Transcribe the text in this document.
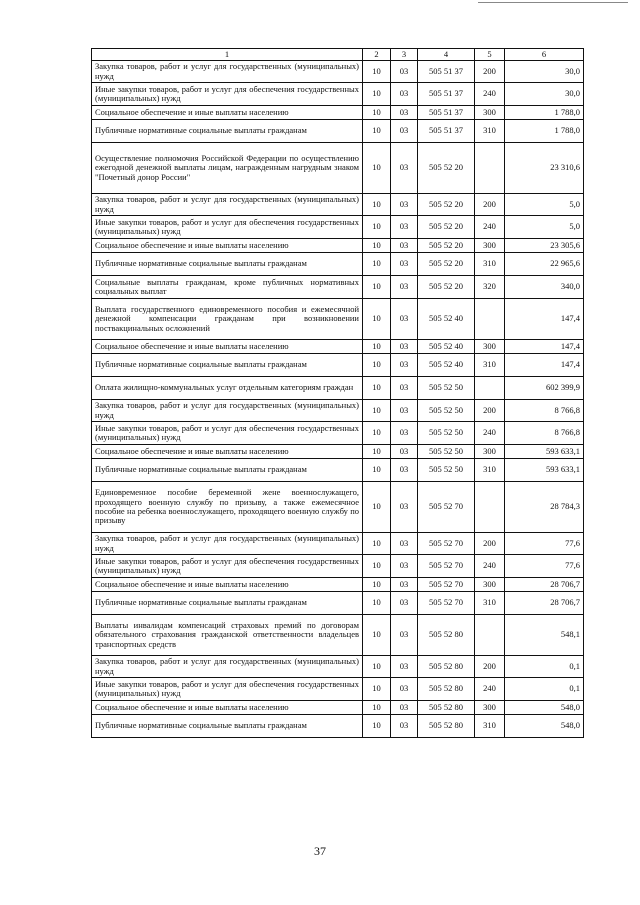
1	2	3	4	5	6
Закупка товаров, работ и услуг для государственных (муниципальных) нужд	10	03	505 51 37	200	30,0
Иные закупки товаров, работ и услуг для обеспечения государственных (муниципальных) нужд	10	03	505 51 37	240	30,0
Социальное обеспечение и иные выплаты населению	10	03	505 51 37	300	1 788,0
Публичные нормативные социальные выплаты гражданам	10	03	505 51 37	310	1 788,0
Осуществление полномочия Российской Федерации по осуществлению ежегодной денежной выплаты лицам, награжденным нагрудным знаком "Почетный донор России"	10	03	505 52 20		23 310,6
Закупка товаров, работ и услуг для государственных (муниципальных) нужд	10	03	505 52 20	200	5,0
Иные закупки товаров, работ и услуг для обеспечения государственных (муниципальных) нужд	10	03	505 52 20	240	5,0
Социальное обеспечение и иные выплаты населению	10	03	505 52 20	300	23 305,6
Публичные нормативные социальные выплаты гражданам	10	03	505 52 20	310	22 965,6
Социальные выплаты гражданам, кроме публичных нормативных социальных выплат	10	03	505 52 20	320	340,0
Выплата государственного единовременного пособия и ежемесячной денежной компенсации гражданам при возникновении поствакцинальных осложнений	10	03	505 52 40		147,4
Социальное обеспечение и иные выплаты населению	10	03	505 52 40	300	147,4
Публичные нормативные социальные выплаты гражданам	10	03	505 52 40	310	147,4
Оплата жилищно-коммунальных услуг отдельным категориям граждан	10	03	505 52 50		602 399,9
Закупка товаров, работ и услуг для государственных (муниципальных) нужд	10	03	505 52 50	200	8 766,8
Иные закупки товаров, работ и услуг для обеспечения государственных (муниципальных) нужд	10	03	505 52 50	240	8 766,8
Социальное обеспечение и иные выплаты населению	10	03	505 52 50	300	593 633,1
Публичные нормативные социальные выплаты гражданам	10	03	505 52 50	310	593 633,1
Единовременное пособие беременной жене военнослужащего, проходящего военную службу по призыву, а также ежемесячное пособие на ребенка военнослужащего, проходящего военную службу по призыву	10	03	505 52 70		28 784,3
Закупка товаров, работ и услуг для государственных (муниципальных) нужд	10	03	505 52 70	200	77,6
Иные закупки товаров, работ и услуг для обеспечения государственных (муниципальных) нужд	10	03	505 52 70	240	77,6
Социальное обеспечение и иные выплаты населению	10	03	505 52 70	300	28 706,7
Публичные нормативные социальные выплаты гражданам	10	03	505 52 70	310	28 706,7
Выплаты инвалидам компенсаций страховых премий по договорам обязательного страхования гражданской ответственности владельцев транспортных средств	10	03	505 52 80		548,1
Закупка товаров, работ и услуг для государственных (муниципальных) нужд	10	03	505 52 80	200	0,1
Иные закупки товаров, работ и услуг для обеспечения государственных (муниципальных) нужд	10	03	505 52 80	240	0,1
Социальное обеспечение и иные выплаты населению	10	03	505 52 80	300	548,0
Публичные нормативные социальные выплаты гражданам	10	03	505 52 80	310	548,0
37
